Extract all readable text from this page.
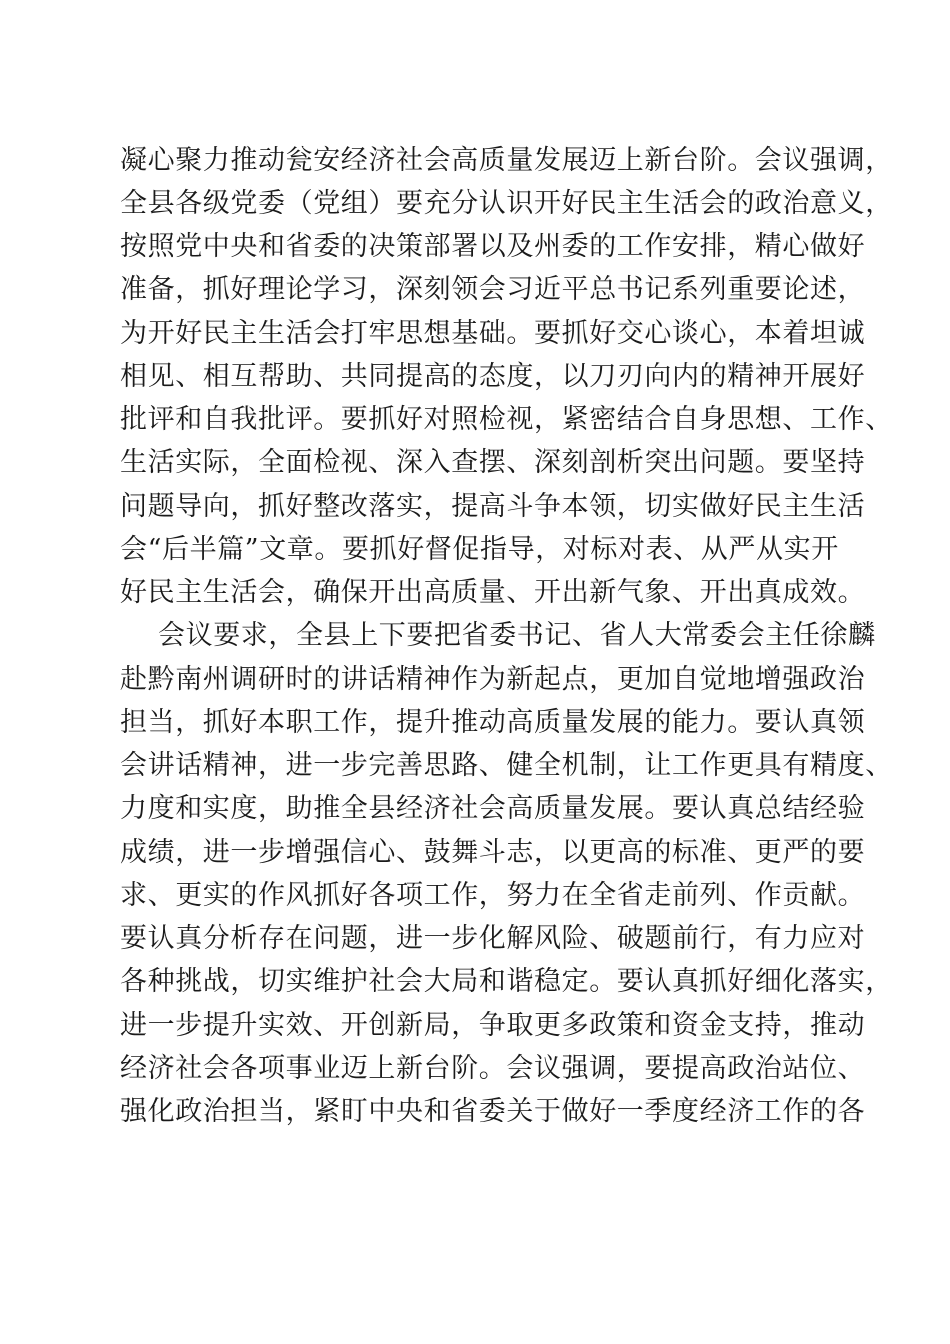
凝心聚力推动瓮安经济社会高质量发展迈上新台阶。会议强调，
全县各级党委（党组）要充分认识开好民主生活会的政治意义，
按照党中央和省委的决策部署以及州委的工作安排，精心做好
准备，抓好理论学习，深刻领会习近平总书记系列重要论述，
为开好民主生活会打牢思想基础。要抓好交心谈心，本着坦诚
相见、相互帮助、共同提高的态度，以刀刃向内的精神开展好
批评和自我批评。要抓好对照检视，紧密结合自身思想、工作、
生活实际，全面检视、深入查摆、深刻剖析突出问题。要坚持
问题导向，抓好整改落实，提高斗争本领，切实做好民主生活
会“后半篇”文章。要抓好督促指导，对标对表、从严从实开
好民主生活会，确保开出高质量、开出新气象、开出真成效。
会议要求，全县上下要把省委书记、省人大常委会主任徐麟
赴黔南州调研时的讲话精神作为新起点，更加自觉地增强政治
担当，抓好本职工作，提升推动高质量发展的能力。要认真领
会讲话精神，进一步完善思路、健全机制，让工作更具有精度、
力度和实度，助推全县经济社会高质量发展。要认真总结经验
成绩，进一步增强信心、鼓舞斗志，以更高的标准、更严的要
求、更实的作风抓好各项工作，努力在全省走前列、作贡献。
要认真分析存在问题，进一步化解风险、破题前行，有力应对
各种挑战，切实维护社会大局和谐稳定。要认真抓好细化落实，
进一步提升实效、开创新局，争取更多政策和资金支持，推动
经济社会各项事业迈上新台阶。会议强调，要提高政治站位、
强化政治担当，紧盯中央和省委关于做好一季度经济工作的各
